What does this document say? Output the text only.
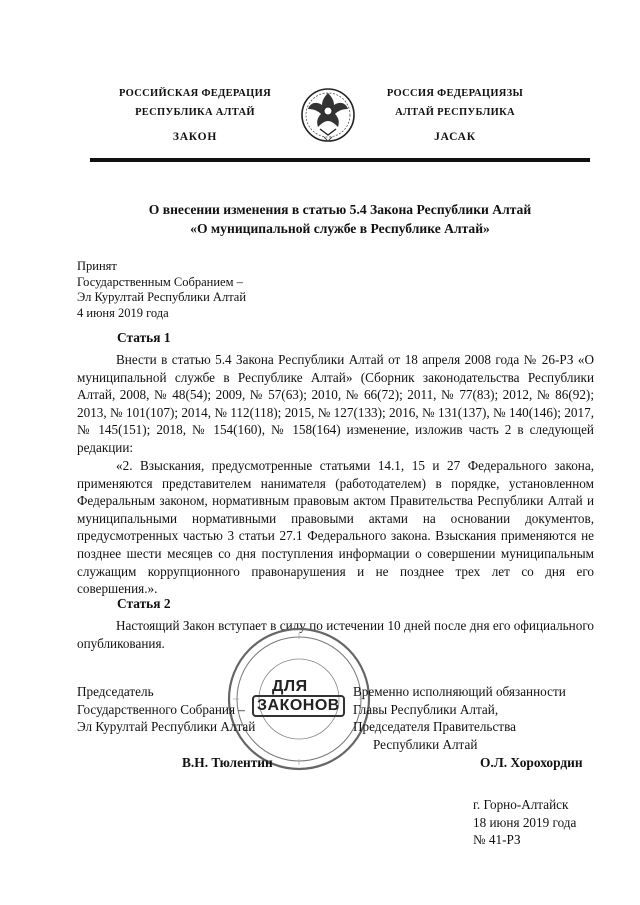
РОССИЙСКАЯ ФЕДЕРАЦИЯ
РЕСПУБЛИКА АЛТАЙ
ЗАКОН
РОССИЯ ФЕДЕРАЦИЯЗЫ
АЛТАЙ РЕСПУБЛИКА
JАСАК
О внесении изменения в статью 5.4 Закона Республики Алтай
«О муниципальной службе в Республике Алтай»
Принят
Государственным Собранием –
Эл Курултай Республики Алтай
4 июня 2019 года
Статья 1
Внести в статью 5.4 Закона Республики Алтай от 18 апреля 2008 года № 26-РЗ «О муниципальной службе в Республике Алтай» (Сборник законодательства Республики Алтай, 2008, № 48(54); 2009, № 57(63); 2010, № 66(72); 2011, № 77(83); 2012, № 86(92); 2013, № 101(107); 2014, № 112(118); 2015, № 127(133); 2016, № 131(137), № 140(146); 2017, № 145(151); 2018, № 154(160), № 158(164) изменение, изложив часть 2 в следующей редакции:
«2. Взыскания, предусмотренные статьями 14.1, 15 и 27 Федерального закона, применяются представителем нанимателя (работодателем) в порядке, установленном Федеральным законом, нормативным правовым актом Правительства Республики Алтай и муниципальными нормативными правовыми актами на основании документов, предусмотренных частью 3 статьи 27.1 Федерального закона. Взыскания применяются не позднее шести месяцев со дня поступления информации о совершении муниципальным служащим коррупционного правонарушения и не позднее трех лет со дня его совершения.».
Статья 2
Настоящий Закон вступает в силу по истечении 10 дней после дня его официального опубликования.
ДЛЯ
ЗАКОНОВ
Председатель
Государственного Собрания –
Эл Курултай Республики Алтай
Временно исполняющий обязанности
Главы Республики Алтай,
Председателя Правительства
Республики Алтай
В.Н. Тюлентин	О.Л. Хорохордин
г. Горно-Алтайск
18 июня 2019 года
№ 41-РЗ
